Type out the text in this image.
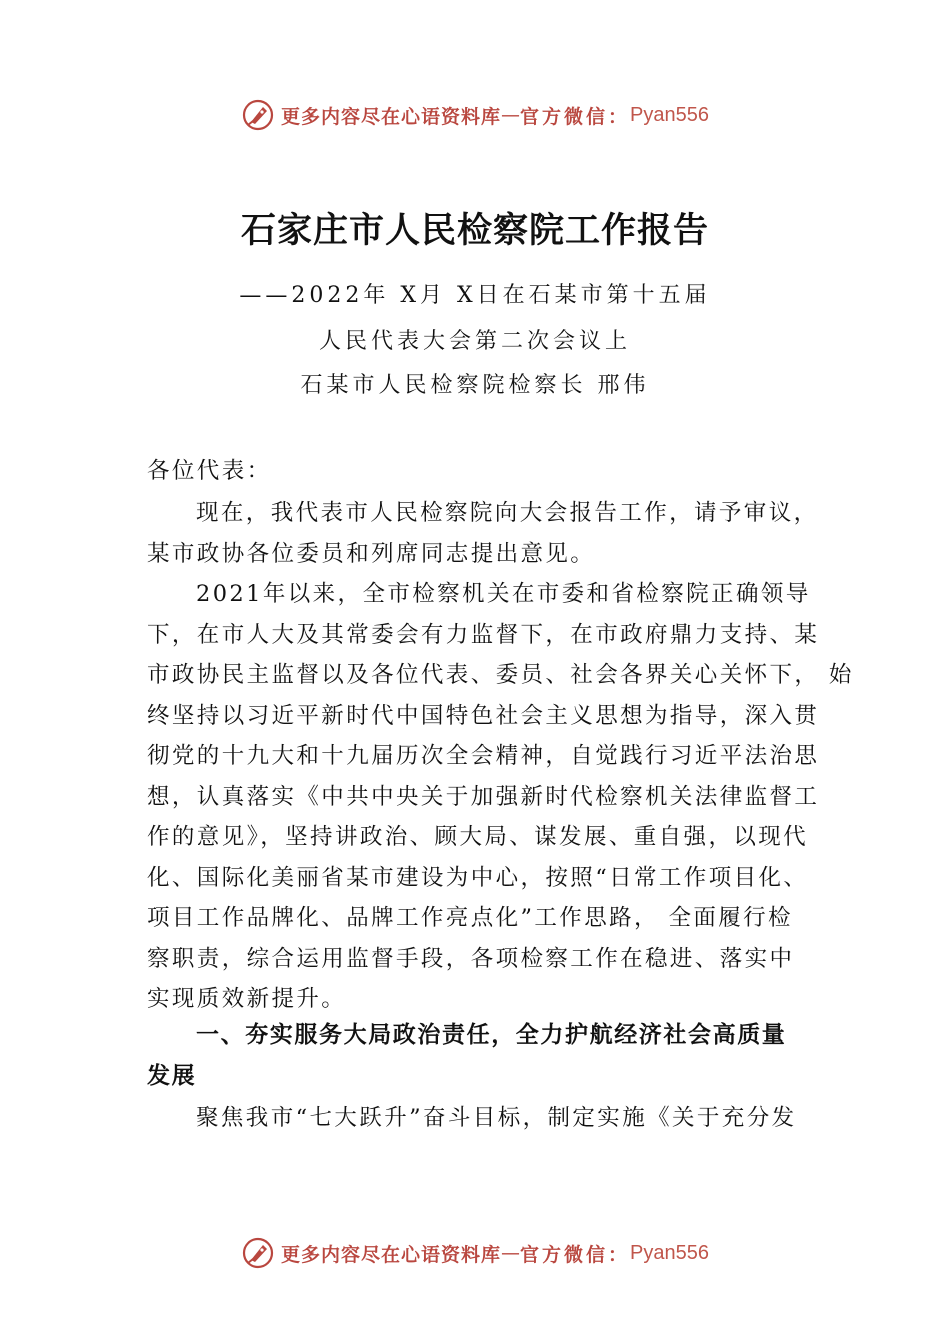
更多内容尽在心语资料库 — 官方微信： Pyan556
石家庄市人民检察院工作报告
——2022年 X月 X日在石某市第十五届
人民代表大会第二次会议上
石某市人民检察院检察长 邢伟
各位代表：
现在，我代表市人民检察院向大会报告工作，请予审议，
某市政协各位委员和列席同志提出意见。
2021年以来，全市检察机关在市委和省检察院正确领导
下，在市人大及其常委会有力监督下，在市政府鼎力支持、某
市政协民主监督以及各位代表、委员、社会各界关心关怀下， 始
终坚持以习近平新时代中国特色社会主义思想为指导，深入贯
彻党的十九大和十九届历次全会精神，自觉践行习近平法治思
想，认真落实《中共中央关于加强新时代检察机关法律监督工
作的意见》，坚持讲政治、顾大局、谋发展、重自强，以现代
化、国际化美丽省某市建设为中心，按照“日常工作项目化、
项目工作品牌化、品牌工作亮点化”工作思路， 全面履行检
察职责，综合运用监督手段，各项检察工作在稳进、落实中
实现质效新提升。
一、夯实服务大局政治责任，全力护航经济社会高质量
发展
聚焦我市“七大跃升”奋斗目标，制定实施《关于充分发
更多内容尽在心语资料库 — 官方微信： Pyan556
